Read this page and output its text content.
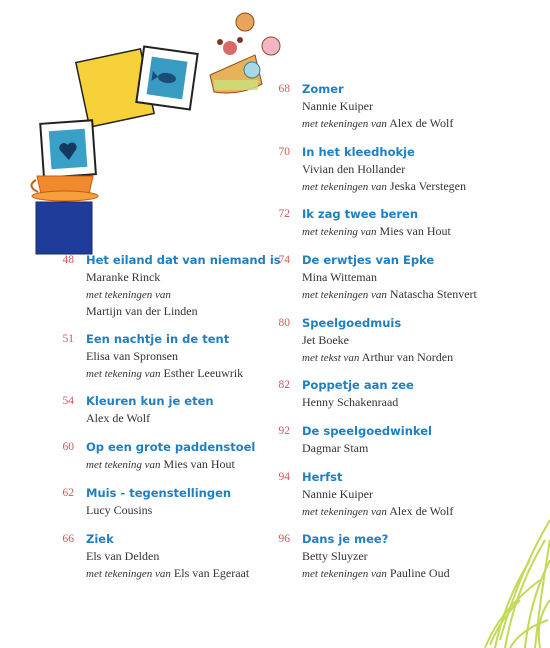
48 Het eiland dat van niemand is
Maranke Rinck
met tekeningen van
Martijn van der Linden
51 Een nachtje in de tent
Elisa van Spronsen
met tekening van Esther Leeuwrik
54 Kleuren kun je eten
Alex de Wolf
60 Op een grote paddenstoel
met tekening van Mies van Hout
62 Muis - tegenstellingen
Lucy Cousins
66 Ziek
Els van Delden
met tekeningen van Els van Egeraat
68 Zomer
Nannie Kuiper
met tekeningen van Alex de Wolf
70 In het kleedhokje
Vivian den Hollander
met tekeningen van Jeska Verstegen
72 Ik zag twee beren
met tekening van Mies van Hout
74 De erwtjes van Epke
Mina Witteman
met tekeningen van Natascha Stenvert
80 Speelgoedmuis
Jet Boeke
met tekst van Arthur van Norden
82 Poppetje aan zee
Henny Schakenraad
92 De speelgoedwinkel
Dagmar Stam
94 Herfst
Nannie Kuiper
met tekeningen van Alex de Wolf
96 Dans je mee?
Betty Sluyzer
met tekeningen van Pauline Oud
